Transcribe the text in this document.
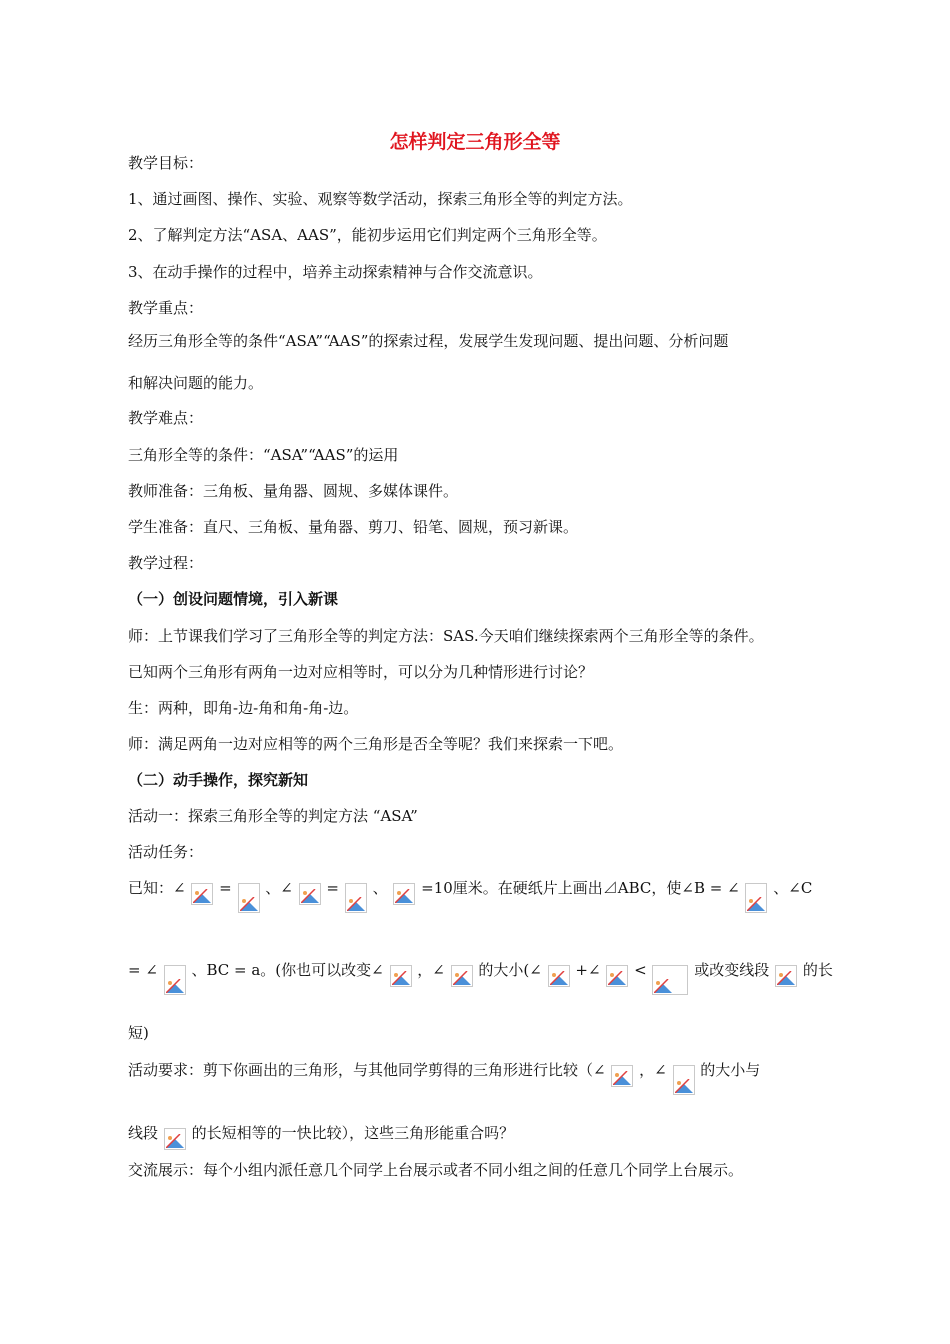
怎样判定三角形全等
教学目标：
1、通过画图、操作、实验、观察等数学活动，探索三角形全等的判定方法。
2、了解判定方法“ASA、AAS”，能初步运用它们判定两个三角形全等。
3、在动手操作的过程中，培养主动探索精神与合作交流意识。
教学重点：
经历三角形全等的条件“ASA”“AAS”的探索过程，发展学生发现问题、提出问题、分析问题
和解决问题的能力。
教学难点：
三角形全等的条件：“ASA”“AAS”的运用
教师准备：三角板、量角器、圆规、多媒体课件。
学生准备：直尺、三角板、量角器、剪刀、铅笔、圆规，预习新课。
教学过程：
（一）创设问题情境，引入新课
师：上节课我们学习了三角形全等的判定方法：SAS.今天咱们继续探索两个三角形全等的条件。
已知两个三角形有两角一边对应相等时，可以分为几种情形进行讨论？
生：两种，即角-边-角和角-角-边。
师：满足两角一边对应相等的两个三角形是否全等呢？我们来探索一下吧。
（二）动手操作，探究新知
活动一：探索三角形全等的判定方法 “ASA”
活动任务：
已知：∠ = 、∠ = 、 =10厘米。在硬纸片上画出⊿ABC，使∠B = ∠ 、∠C
= ∠ 、BC = a。(你也可以改变∠ ，∠ 的大小(∠ +∠ <	或改变线段 的长
短)
活动要求：剪下你画出的三角形，与其他同学剪得的三角形进行比较（∠ ，∠ 的大小与
线段 的长短相等的一快比较），这些三角形能重合吗？
交流展示：每个小组内派任意几个同学上台展示或者不同小组之间的任意几个同学上台展示。
